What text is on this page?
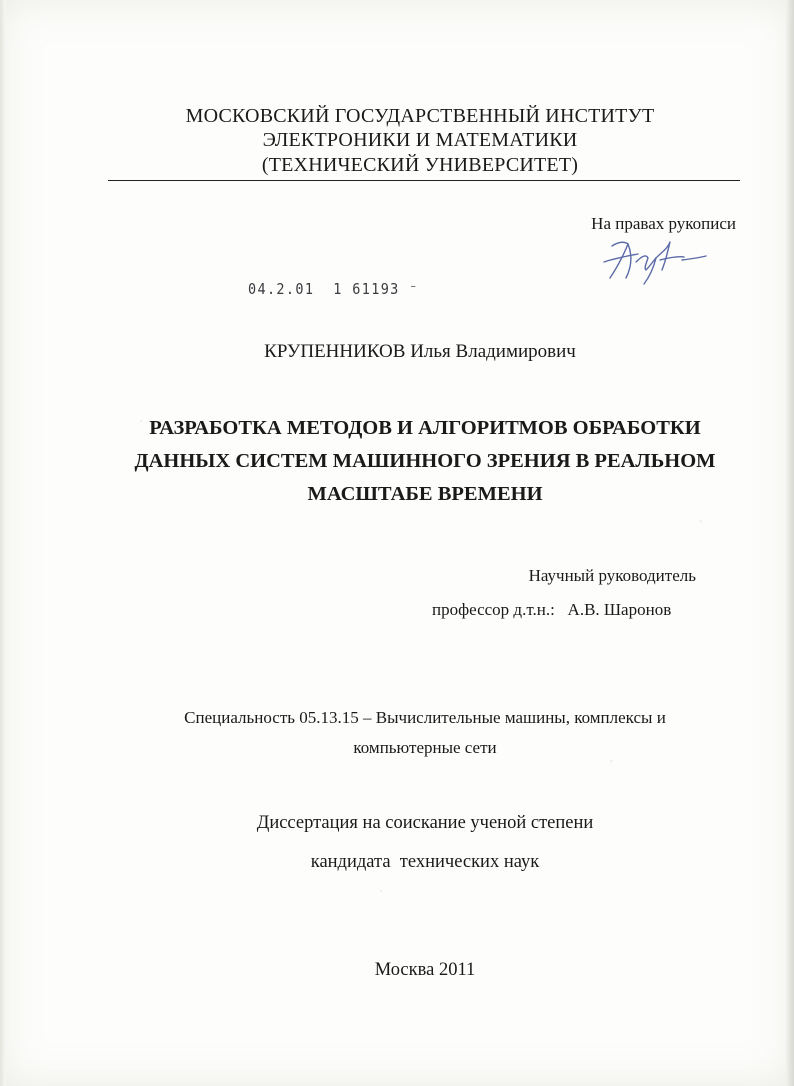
МОСКОВСКИЙ ГОСУДАРСТВЕННЫЙ ИНСТИТУТ
ЭЛЕКТРОНИКИ И МАТЕМАТИКИ
(ТЕХНИЧЕСКИЙ УНИВЕРСИТЕТ)
На правах рукописи
04.2.01  1 61193 ⁻
КРУПЕННИКОВ Илья Владимирович
РАЗРАБОТКА МЕТОДОВ И АЛГОРИТМОВ ОБРАБОТКИ
ДАННЫХ СИСТЕМ МАШИННОГО ЗРЕНИЯ В РЕАЛЬНОМ
МАСШТАБЕ ВРЕМЕНИ
Научный руководитель
профессор д.т.н.:   А.В. Шаронов
Специальность 05.13.15 – Вычислительные машины, комплексы и
компьютерные сети
Диссертация на соискание ученой степени
кандидата  технических наук
Москва 2011
